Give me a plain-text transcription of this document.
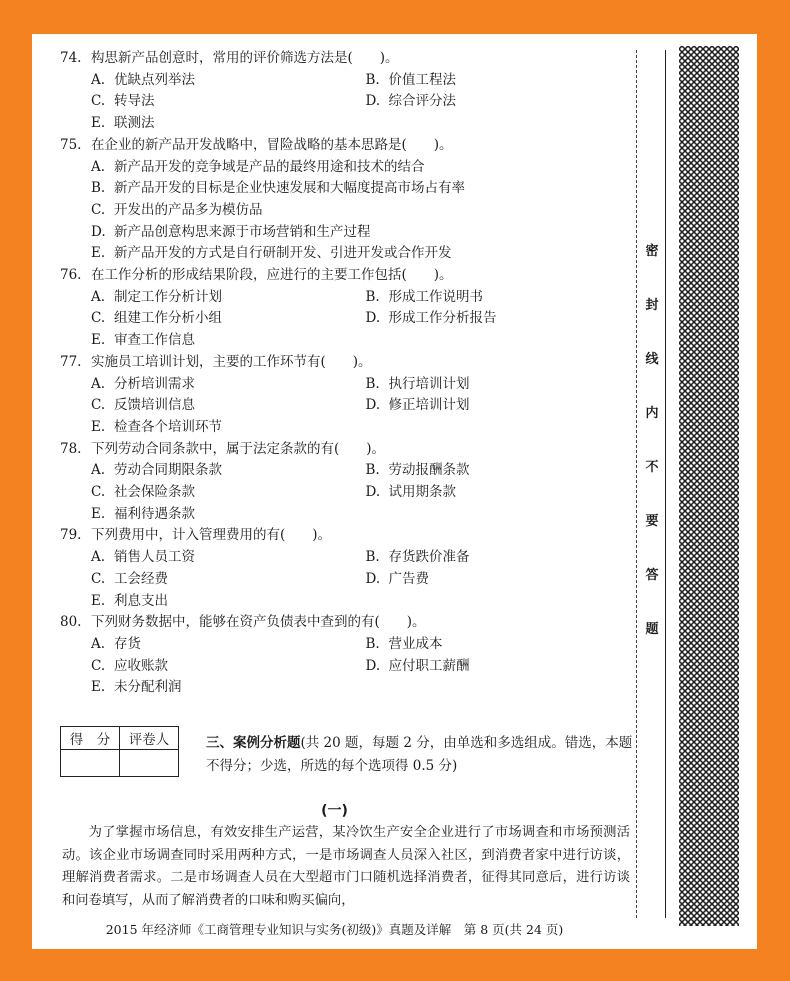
74. 构思新产品创意时，常用的评价筛选方法是(　　)。
A. 优缺点列举法	B. 价值工程法
C. 转导法	D. 综合评分法
E. 联测法
75. 在企业的新产品开发战略中，冒险战略的基本思路是(　　)。
A. 新产品开发的竞争域是产品的最终用途和技术的结合
B. 新产品开发的目标是企业快速发展和大幅度提高市场占有率
C. 开发出的产品多为模仿品
D. 新产品创意构思来源于市场营销和生产过程
E. 新产品开发的方式是自行研制开发、引进开发或合作开发
76. 在工作分析的形成结果阶段，应进行的主要工作包括(　　)。
A. 制定工作分析计划	B. 形成工作说明书
C. 组建工作分析小组	D. 形成工作分析报告
E. 审查工作信息
77. 实施员工培训计划，主要的工作环节有(　　)。
A. 分析培训需求	B. 执行培训计划
C. 反馈培训信息	D. 修正培训计划
E. 检查各个培训环节
78. 下列劳动合同条款中，属于法定条款的有(　　)。
A. 劳动合同期限条款	B. 劳动报酬条款
C. 社会保险条款	D. 试用期条款
E. 福利待遇条款
79. 下列费用中，计入管理费用的有(　　)。
A. 销售人员工资	B. 存货跌价准备
C. 工会经费	D. 广告费
E. 利息支出
80. 下列财务数据中，能够在资产负债表中查到的有(　　)。
A. 存货	B. 营业成本
C. 应收账款	D. 应付职工薪酬
E. 未分配利润
密
封
线
内
不
要
答
题
得　分	评卷人
		三、案例分析题(共 20 题，每题 2 分，由单选和多选组成。错选，本题不得分；少选，所选的每个选项得 0.5 分)
(一)
为了掌握市场信息，有效安排生产运营，某冷饮生产安全企业进行了市场调查和市场预测活动。该企业市场调查同时采用两种方式，一是市场调查人员深入社区，到消费者家中进行访谈，理解消费者需求。二是市场调查人员在大型超市门口随机选择消费者，征得其同意后，进行访谈和问卷填写，从而了解消费者的口味和购买偏向，
2015 年经济师《工商管理专业知识与实务(初级)》真题及详解　第 8 页(共 24 页)
